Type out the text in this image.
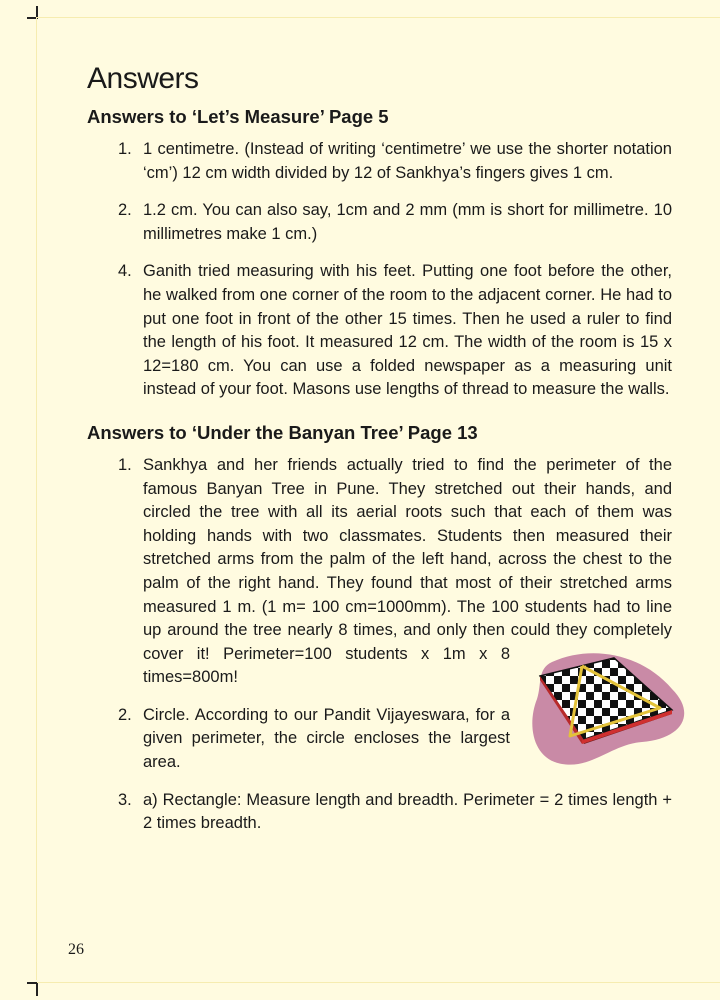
Answers
Answers to ‘Let’s Measure’ Page 5
1. 1 centimetre. (Instead of writing ‘centimetre’ we use the shorter notation ‘cm’) 12 cm width divided by 12 of Sankhya’s fingers gives 1 cm.
2. 1.2 cm. You can also say, 1cm and 2 mm (mm is short for millimetre. 10 millimetres make 1 cm.)
4. Ganith tried measuring with his feet. Putting one foot before the other, he walked from one corner of the room to the adjacent corner. He had to put one foot in front of the other 15 times. Then he used a ruler to find the length of his foot. It measured 12 cm. The width of the room is 15 x 12=180 cm. You can use a folded newspaper as a measuring unit instead of your foot. Masons use lengths of thread to measure the walls.
Answers to ‘Under the Banyan Tree’ Page 13
1. Sankhya and her friends actually tried to find the perimeter of the famous Banyan Tree in Pune. They stretched out their hands, and circled the tree with all its aerial roots such that each of them was holding hands with two classmates. Students then measured their stretched arms from the palm of the left hand, across the chest to the palm of the right hand. They found that most of their stretched arms measured 1 m. (1 m= 100 cm=1000mm). The 100 students had to line up around the tree nearly 8 times, and only then could they completely cover it! Perimeter=100 students x 1m x 8 times=800m!
2. Circle. According to our Pandit Vijayeswara, for a given perimeter, the circle encloses the largest area.
3. a) Rectangle: Measure length and breadth. Perimeter = 2 times length + 2 times breadth.
26
